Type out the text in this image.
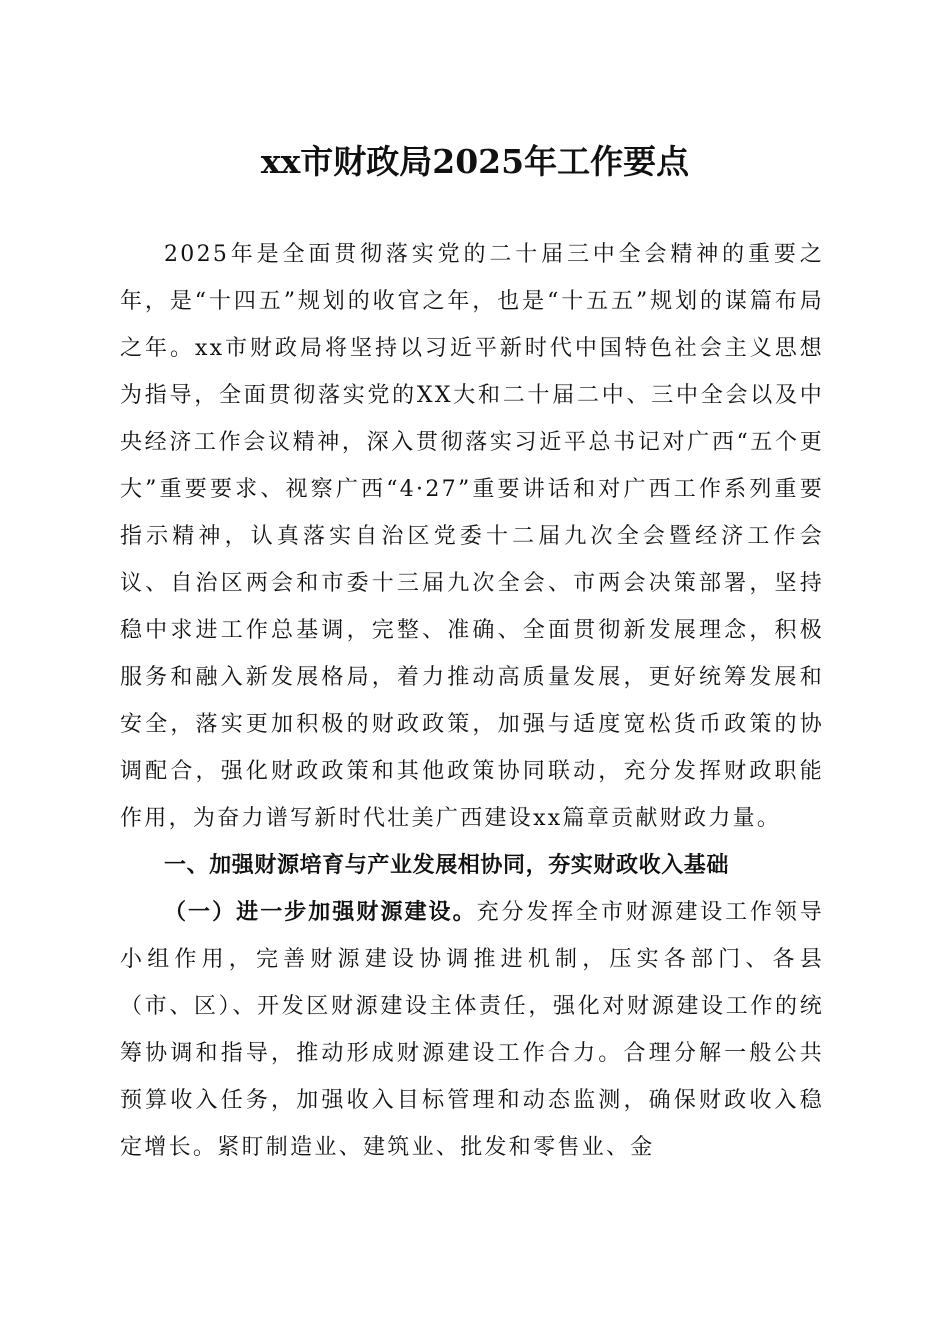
xx市财政局2025年工作要点

2025年是全面贯彻落实党的二十届三中全会精神的重要之年，是“十四五”规划的收官之年，也是“十五五”规划的谋篇布局之年。xx市财政局将坚持以习近平新时代中国特色社会主义思想为指导，全面贯彻落实党的XX大和二十届二中、三中全会以及中央经济工作会议精神，深入贯彻落实习近平总书记对广西“五个更大”重要要求、视察广西“4·27”重要讲话和对广西工作系列重要指示精神，认真落实自治区党委十二届九次全会暨经济工作会议、自治区两会和市委十三届九次全会、市两会决策部署，坚持稳中求进工作总基调，完整、准确、全面贯彻新发展理念，积极服务和融入新发展格局，着力推动高质量发展，更好统筹发展和安全，落实更加积极的财政政策，加强与适度宽松货币政策的协调配合，强化财政政策和其他政策协同联动，充分发挥财政职能作用，为奋力谱写新时代壮美广西建设xx篇章贡献财政力量。

一、加强财源培育与产业发展相协同，夯实财政收入基础

（一）进一步加强财源建设。充分发挥全市财源建设工作领导小组作用，完善财源建设协调推进机制，压实各部门、各县（市、区）、开发区财源建设主体责任，强化对财源建设工作的统筹协调和指导，推动形成财源建设工作合力。合理分解一般公共预算收入任务，加强收入目标管理和动态监测，确保财政收入稳定增长。紧盯制造业、建筑业、批发和零售业、金
